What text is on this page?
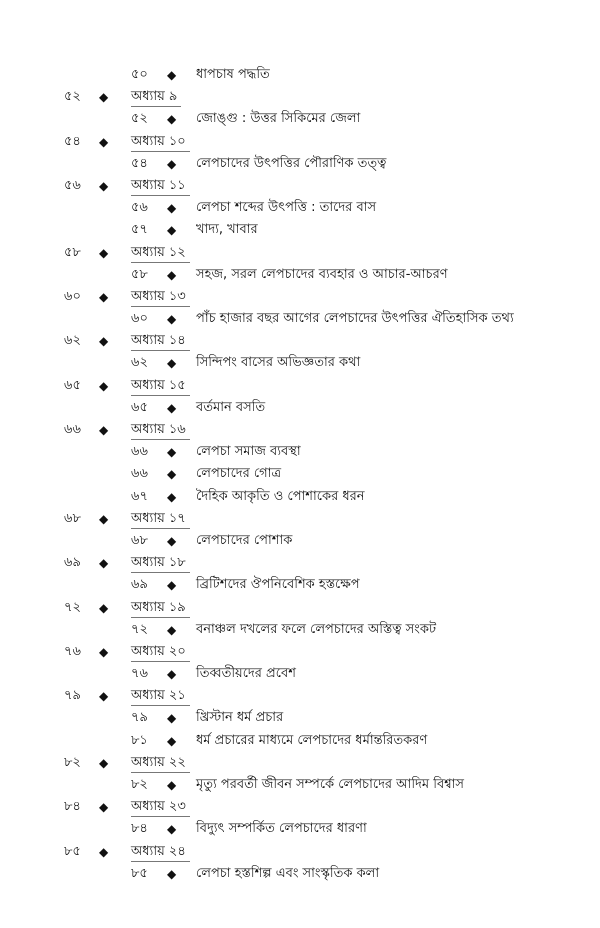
৫০ ◆ ধাপচাষ পদ্ধতি
৫২ ◆ অধ্যায় ৯
৫২ ◆ জোঙ্গু : উত্তর সিকিমের জেলা
৫৪ ◆ অধ্যায় ১০
৫৪ ◆ লেপচাদের উৎপত্তির পৌরাণিক তত্ত্ব
৫৬ ◆ অধ্যায় ১১
৫৬ ◆ লেপচা শব্দের উৎপত্তি : তাদের বাস
৫৭ ◆ খাদ্য, খাবার
৫৮ ◆ অধ্যায় ১২
৫৮ ◆ সহজ, সরল লেপচাদের ব্যবহার ও আচার-আচরণ
৬০ ◆ অধ্যায় ১৩
৬০ ◆ পাঁচ হাজার বছর আগের লেপচাদের উৎপত্তির ঐতিহাসিক তথ্য
৬২ ◆ অধ্যায় ১৪
৬২ ◆ সিন্দিপং বাসের অভিজ্ঞতার কথা
৬৫ ◆ অধ্যায় ১৫
৬৫ ◆ বর্তমান বসতি
৬৬ ◆ অধ্যায় ১৬
৬৬ ◆ লেপচা সমাজ ব্যবস্থা
৬৬ ◆ লেপচাদের গোত্র
৬৭ ◆ দৈহিক আকৃতি ও পোশাকের ধরন
৬৮ ◆ অধ্যায় ১৭
৬৮ ◆ লেপচাদের পোশাক
৬৯ ◆ অধ্যায় ১৮
৬৯ ◆ ব্রিটিশদের ঔপনিবেশিক হস্তক্ষেপ
৭২ ◆ অধ্যায় ১৯
৭২ ◆ বনাঞ্চল দখলের ফলে লেপচাদের অস্তিত্ব সংকট
৭৬ ◆ অধ্যায় ২০
৭৬ ◆ তিব্বতীয়দের প্রবেশ
৭৯ ◆ অধ্যায় ২১
৭৯ ◆ খ্রিস্টান ধর্ম প্রচার
৮১ ◆ ধর্ম প্রচারের মাধ্যমে লেপচাদের ধর্মান্তরিতকরণ
৮২ ◆ অধ্যায় ২২
৮২ ◆ মৃত্যু পরবর্তী জীবন সম্পর্কে লেপচাদের আদিম বিশ্বাস
৮৪ ◆ অধ্যায় ২৩
৮৪ ◆ বিদ্যুৎ সম্পর্কিত লেপচাদের ধারণা
৮৫ ◆ অধ্যায় ২৪
৮৫ ◆ লেপচা হস্তশিল্প এবং সাংস্কৃতিক কলা
